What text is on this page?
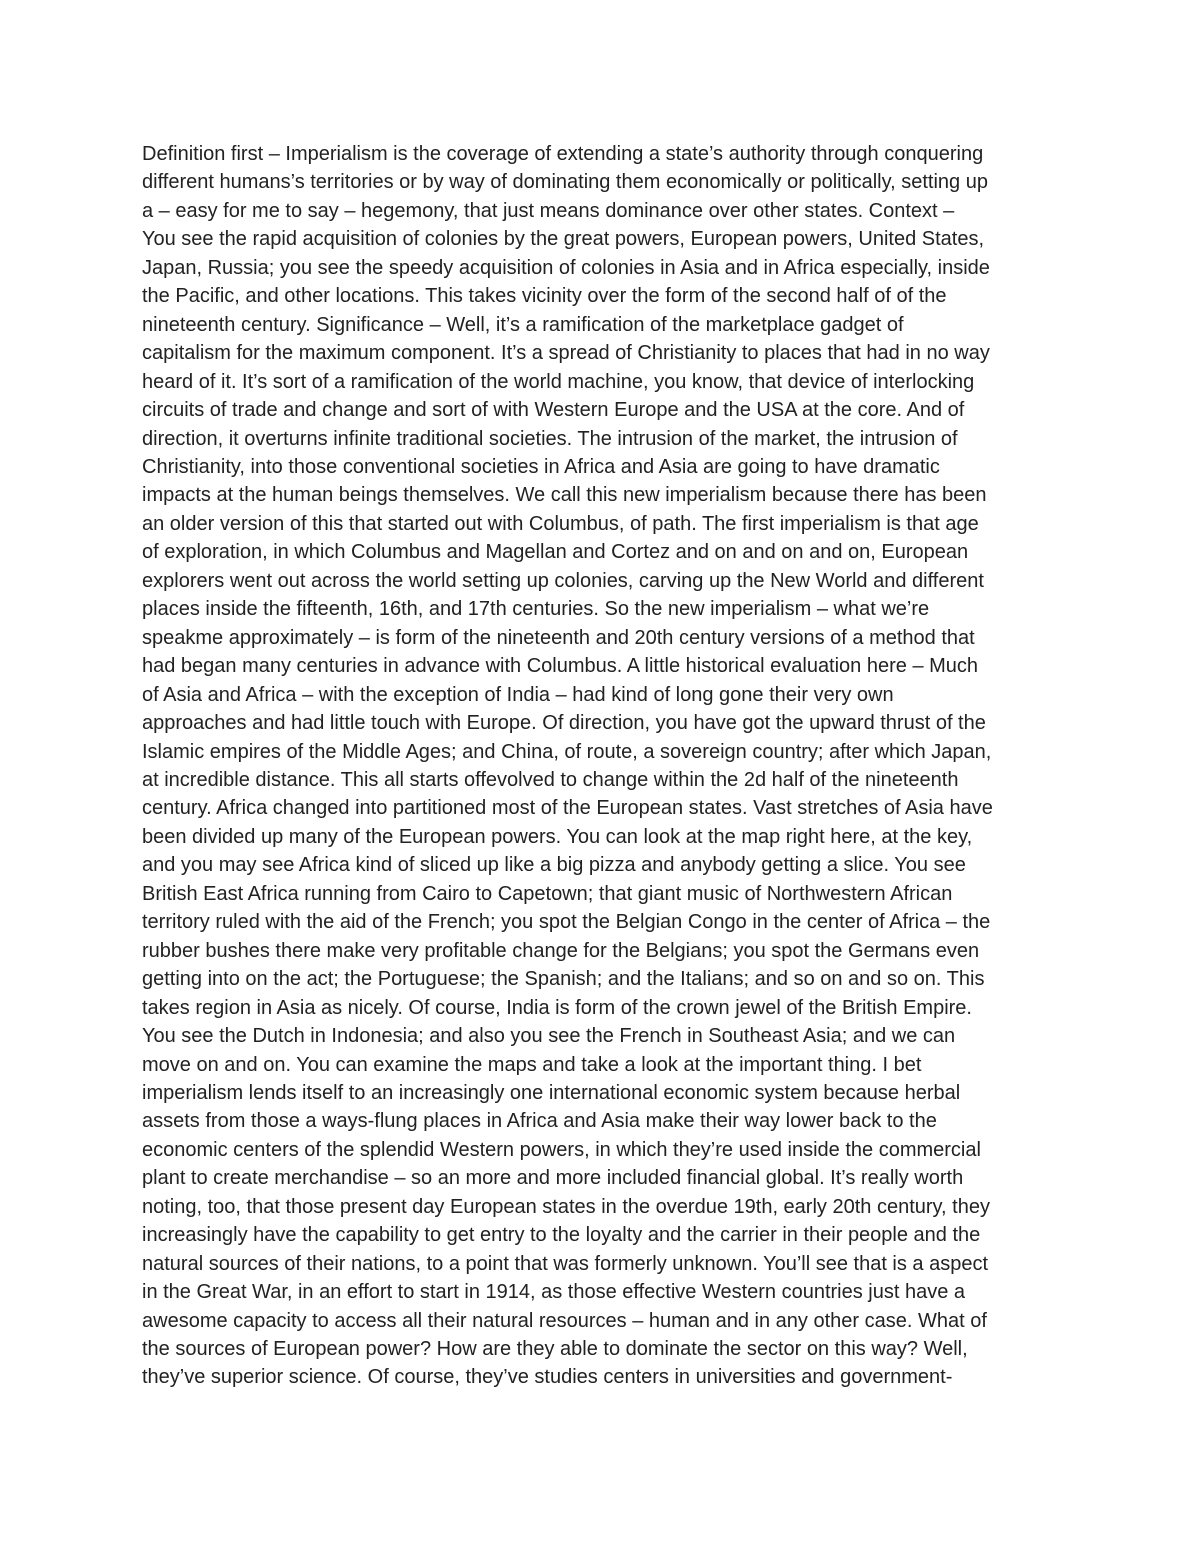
Definition first – Imperialism is the coverage of extending a state’s authority through conquering
different humans’s territories or by way of dominating them economically or politically, setting up
a – easy for me to say – hegemony, that just means dominance over other states. Context –
You see the rapid acquisition of colonies by the great powers, European powers, United States,
Japan, Russia; you see the speedy acquisition of colonies in Asia and in Africa especially, inside
the Pacific, and other locations. This takes vicinity over the form of the second half of of the
nineteenth century. Significance – Well, it’s a ramification of the marketplace gadget of
capitalism for the maximum component. It’s a spread of Christianity to places that had in no way
heard of it. It’s sort of a ramification of the world machine, you know, that device of interlocking
circuits of trade and change and sort of with Western Europe and the USA at the core. And of
direction, it overturns infinite traditional societies. The intrusion of the market, the intrusion of
Christianity, into those conventional societies in Africa and Asia are going to have dramatic
impacts at the human beings themselves. We call this new imperialism because there has been
an older version of this that started out with Columbus, of path. The first imperialism is that age
of exploration, in which Columbus and Magellan and Cortez and on and on and on, European
explorers went out across the world setting up colonies, carving up the New World and different
places inside the fifteenth, 16th, and 17th centuries. So the new imperialism – what we’re
speakme approximately – is form of the nineteenth and 20th century versions of a method that
had began many centuries in advance with Columbus. A little historical evaluation here – Much
of Asia and Africa – with the exception of India – had kind of long gone their very own
approaches and had little touch with Europe. Of direction, you have got the upward thrust of the
Islamic empires of the Middle Ages; and China, of route, a sovereign country; after which Japan,
at incredible distance. This all starts offevolved to change within the 2d half of the nineteenth
century. Africa changed into partitioned most of the European states. Vast stretches of Asia have
been divided up many of the European powers. You can look at the map right here, at the key,
and you may see Africa kind of sliced up like a big pizza and anybody getting a slice. You see
British East Africa running from Cairo to Capetown; that giant music of Northwestern African
territory ruled with the aid of the French; you spot the Belgian Congo in the center of Africa – the
rubber bushes there make very profitable change for the Belgians; you spot the Germans even
getting into on the act; the Portuguese; the Spanish; and the Italians; and so on and so on. This
takes region in Asia as nicely. Of course, India is form of the crown jewel of the British Empire.
You see the Dutch in Indonesia; and also you see the French in Southeast Asia; and we can
move on and on. You can examine the maps and take a look at the important thing. I bet
imperialism lends itself to an increasingly one international economic system because herbal
assets from those a ways-flung places in Africa and Asia make their way lower back to the
economic centers of the splendid Western powers, in which they’re used inside the commercial
plant to create merchandise – so an more and more included financial global. It’s really worth
noting, too, that those present day European states in the overdue 19th, early 20th century, they
increasingly have the capability to get entry to the loyalty and the carrier in their people and the
natural sources of their nations, to a point that was formerly unknown. You’ll see that is a aspect
in the Great War, in an effort to start in 1914, as those effective Western countries just have a
awesome capacity to access all their natural resources – human and in any other case. What of
the sources of European power? How are they able to dominate the sector on this way? Well,
they’ve superior science. Of course, they’ve studies centers in universities and government-
